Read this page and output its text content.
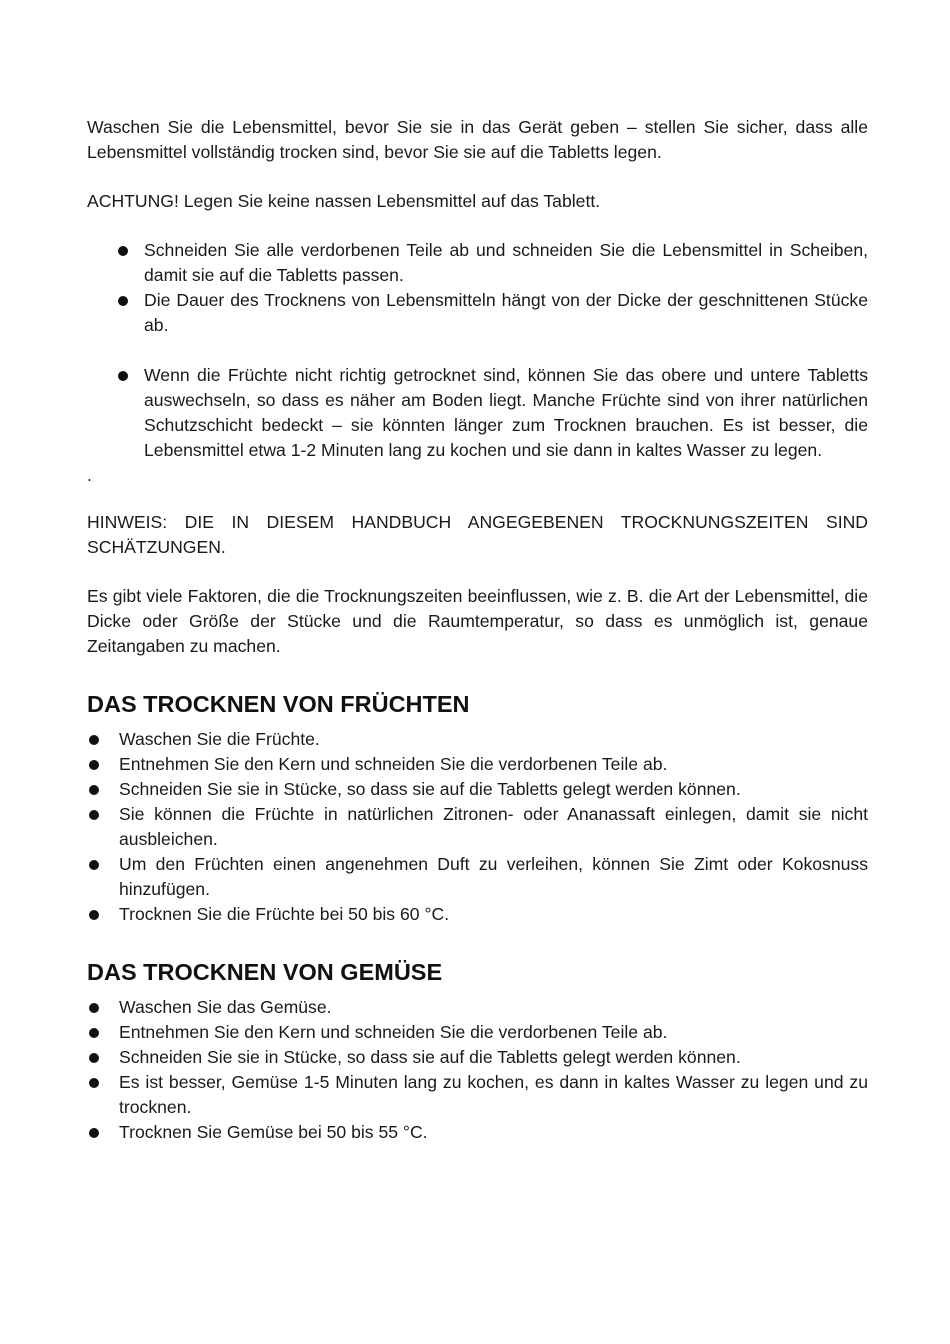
Waschen Sie die Lebensmittel, bevor Sie sie in das Gerät geben – stellen Sie sicher, dass alle Lebensmittel vollständig trocken sind, bevor Sie sie auf die Tabletts legen.

ACHTUNG! Legen Sie keine nassen Lebensmittel auf das Tablett.

Schneiden Sie alle verdorbenen Teile ab und schneiden Sie die Lebensmittel in Scheiben, damit sie auf die Tabletts passen.
Die Dauer des Trocknens von Lebensmitteln hängt von der Dicke der geschnittenen Stücke ab.
Wenn die Früchte nicht richtig getrocknet sind, können Sie das obere und untere Tabletts auswechseln, so dass es näher am Boden liegt. Manche Früchte sind von ihrer natürlichen Schutzschicht bedeckt – sie könnten länger zum Trocknen brauchen. Es ist besser, die Lebensmittel etwa 1-2 Minuten lang zu kochen und sie dann in kaltes Wasser zu legen.

.

HINWEIS: DIE IN DIESEM HANDBUCH ANGEGEBENEN TROCKNUNGSZEITEN SIND SCHÄTZUNGEN.

Es gibt viele Faktoren, die die Trocknungszeiten beeinflussen, wie z. B. die Art der Lebensmittel, die Dicke oder Größe der Stücke und die Raumtemperatur, so dass es unmöglich ist, genaue Zeitangaben zu machen.

DAS TROCKNEN VON FRÜCHTEN
Waschen Sie die Früchte.
Entnehmen Sie den Kern und schneiden Sie die verdorbenen Teile ab.
Schneiden Sie sie in Stücke, so dass sie auf die Tabletts gelegt werden können.
Sie können die Früchte in natürlichen Zitronen- oder Ananassaft einlegen, damit sie nicht ausbleichen.
Um den Früchten einen angenehmen Duft zu verleihen, können Sie Zimt oder Kokosnuss hinzufügen.
Trocknen Sie die Früchte bei 50 bis 60 °C.
DAS TROCKNEN VON GEMÜSE
Waschen Sie das Gemüse.
Entnehmen Sie den Kern und schneiden Sie die verdorbenen Teile ab.
Schneiden Sie sie in Stücke, so dass sie auf die Tabletts gelegt werden können.
Es ist besser, Gemüse 1-5 Minuten lang zu kochen, es dann in kaltes Wasser zu legen und zu trocknen.
Trocknen Sie Gemüse bei 50 bis 55 °C.
